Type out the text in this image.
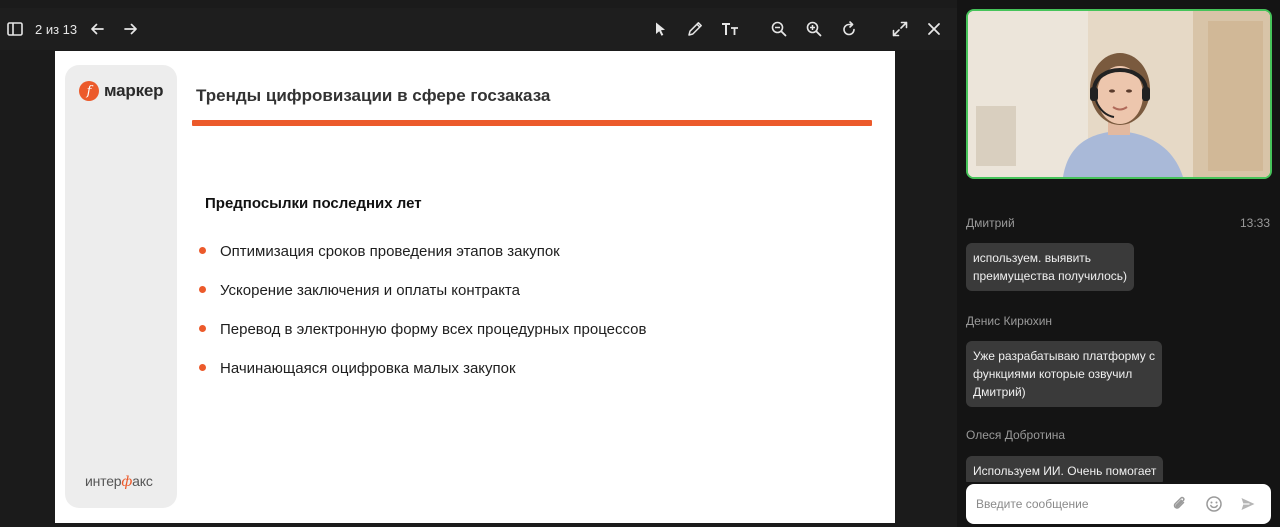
2 из 13
f маркер
интерфакс
Тренды цифровизации в сфере госзаказа
Предпосылки последних лет
Оптимизация сроков проведения этапов закупок
Ускорение заключения и оплаты контракта
Перевод в электронную форму всех процедурных процессов
Начинающаяся оцифровка малых закупок
Дмитрий	13:33
используем. выявить
преимущества получилось)
Денис Кирюхин
Уже разрабатываю платформу с
функциями которые озвучил
Дмитрий)
Олеся Добротина
Используем ИИ. Очень помогает
Введите сообщение
